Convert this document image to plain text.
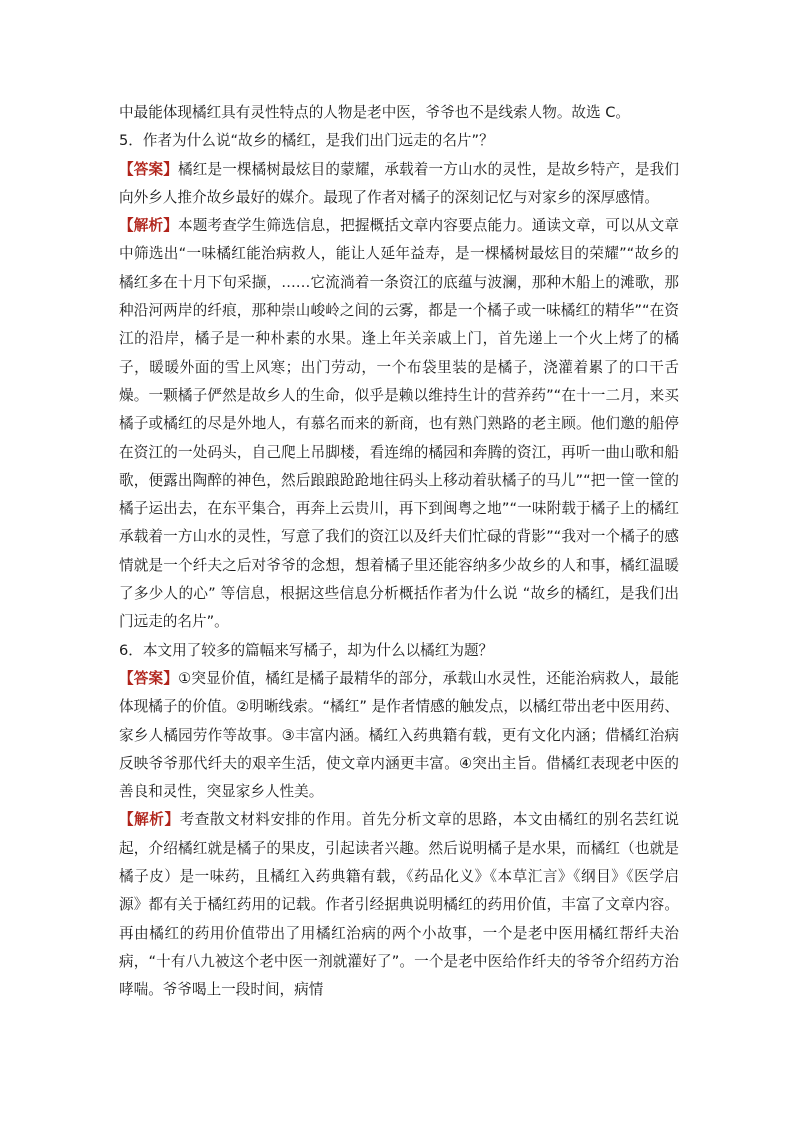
中最能体现橘红具有灵性特点的人物是老中医，爷爷也不是线索人物。故选 C。

5．作者为什么说“故乡的橘红，是我们出门远走的名片”？

【答案】橘红是一棵橘树最炫目的蒙耀，承载着一方山水的灵性，是故乡特产，是我们向外乡人推介故乡最好的媒介。最现了作者对橘子的深刻记忆与对家乡的深厚感情。

【解析】本题考查学生筛选信息，把握概括文章内容要点能力。通读文章，可以从文章中筛选出“一味橘红能治病救人，能让人延年益寿，是一棵橘树最炫目的荣耀”“故乡的橘红多在十月下旬采撷，……它流淌着一条资江的底蕴与波澜，那种木船上的滩歌，那种沿河两岸的纤痕，那种崇山峻岭之间的云雾，都是一个橘子或一味橘红的精华”“在资江的沿岸，橘子是一种朴素的水果。逢上年关亲戚上门，首先递上一个火上烤了的橘子，暖暖外面的雪上风寒；出门劳动，一个布袋里装的是橘子，浇灌着累了的口干舌燥。一颗橘子俨然是故乡人的生命，似乎是赖以维持生计的营养药”“在十一二月，来买橘子或橘红的尽是外地人，有慕名而来的新商，也有熟门熟路的老主顾。他们邀的船停在资江的一处码头，自己爬上吊脚楼，看连绵的橘园和奔腾的资江，再听一曲山歌和船歌，便露出陶醉的神色，然后踉踉跄跄地往码头上移动着驮橘子的马儿”“把一筐一筐的橘子运出去，在东平集合，再奔上云贵川，再下到闽粤之地”“一味附载于橘子上的橘红承载着一方山水的灵性，写意了我们的资江以及纤夫们忙碌的背影”“我对一个橘子的感情就是一个纤夫之后对爷爷的念想，想着橘子里还能容纳多少故乡的人和事，橘红温暖了多少人的心” 等信息，根据这些信息分析概括作者为什么说 “故乡的橘红，是我们出门远走的名片”。

6．本文用了较多的篇幅来写橘子，却为什么以橘红为题？

【答案】①突显价值，橘红是橘子最精华的部分，承载山水灵性，还能治病救人，最能体现橘子的价值。②明晰线索。“橘红” 是作者情感的触发点，以橘红带出老中医用药、家乡人橘园劳作等故事。③丰富内涵。橘红入药典籍有载，更有文化内涵；借橘红治病反映爷爷那代纤夫的艰辛生活，使文章内涵更丰富。④突出主旨。借橘红表现老中医的善良和灵性，突显家乡人性美。

【解析】考查散文材料安排的作用。首先分析文章的思路，本文由橘红的别名芸红说起，介绍橘红就是橘子的果皮，引起读者兴趣。然后说明橘子是水果，而橘红（也就是橘子皮）是一味药，且橘红入药典籍有载，《药品化义》《本草汇言》《纲目》《医学启源》都有关于橘红药用的记载。作者引经据典说明橘红的药用价值，丰富了文章内容。再由橘红的药用价值带出了用橘红治病的两个小故事，一个是老中医用橘红帮纤夫治病，“十有八九被这个老中医一剂就灌好了”。一个是老中医给作纤夫的爷爷介绍药方治哮喘。爷爷喝上一段时间，病情
